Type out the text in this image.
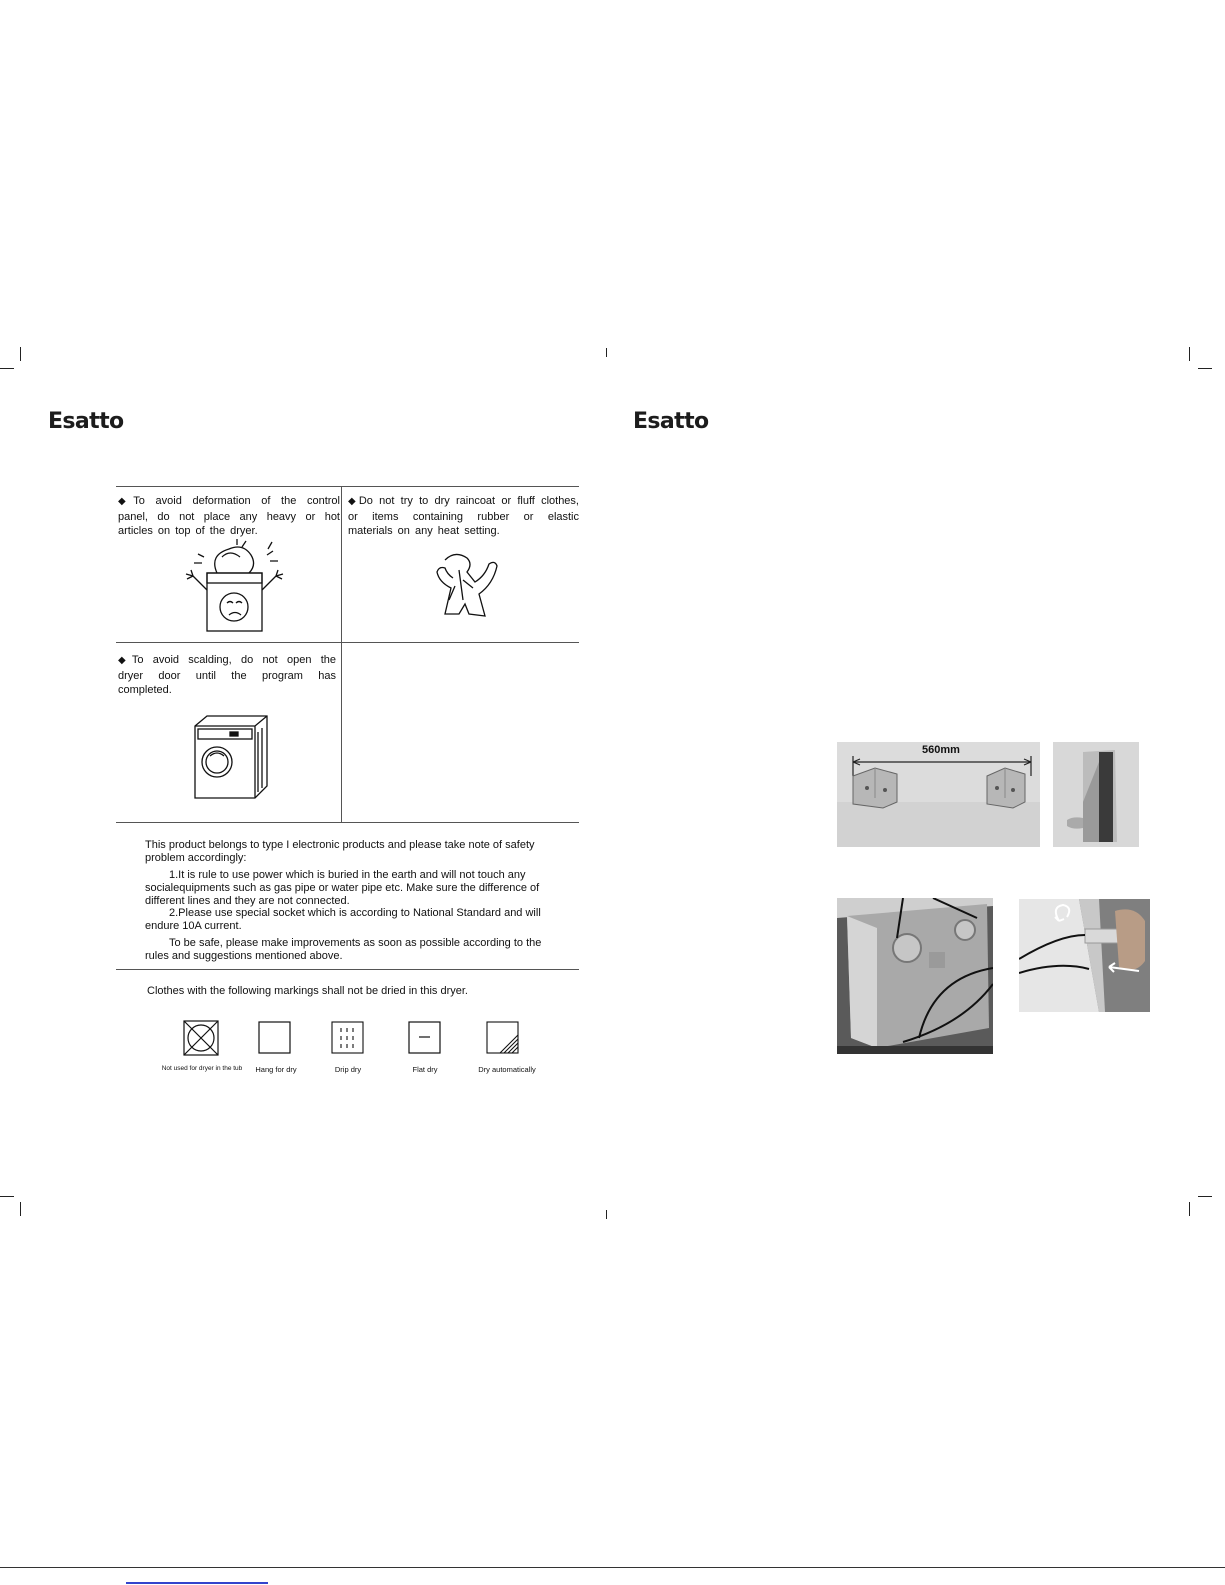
Esatto
◆ To avoid deformation of the control panel, do not place any heavy or hot articles on top of the dryer.
◆ Do not try to dry raincoat or fluff clothes, or items containing rubber or elastic materials on any heat setting.
◆ To avoid scalding, do not open the dryer door until the program has completed.
This product belongs to type I electronic products and please take note of safety problem accordingly:
1.It is rule to use power which is buried in the earth and will not touch any socialequipments such as gas pipe or water pipe etc. Make sure the difference of different lines and they are not connected.
2.Please use special socket which is according to National Standard and will endure 10A current.
To be safe, please make improvements as soon as possible according to the rules and suggestions mentioned above.
Clothes with the following markings shall not be dried in this dryer.
Not used for dryer in the tub	Hang for dry	Drip dry	Flat dry	Dry automatically
Esatto
560mm
